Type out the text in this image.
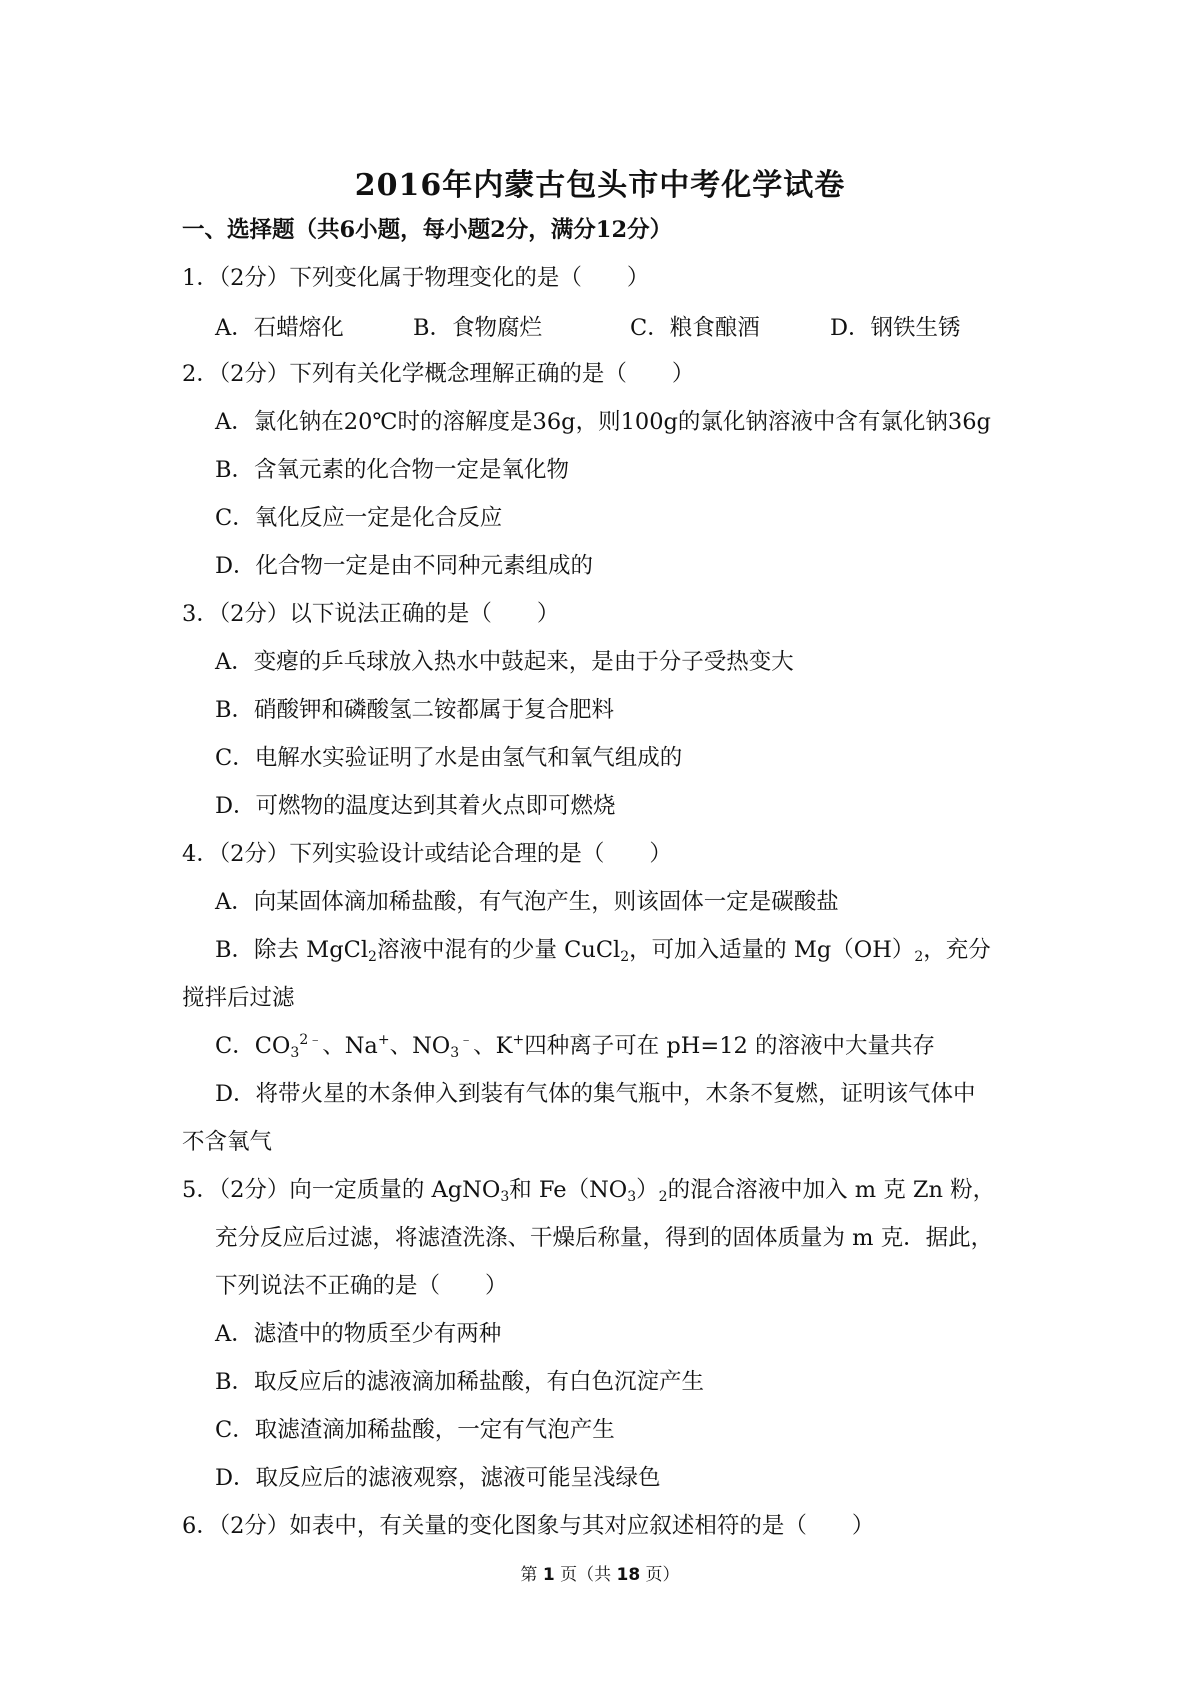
2016年内蒙古包头市中考化学试卷
一、选择题（共6小题，每小题2分，满分12分）
1．（2分）下列变化属于物理变化的是（　　）
A．石蜡熔化	B．食物腐烂	C．粮食酿酒	D．钢铁生锈
2．（2分）下列有关化学概念理解正确的是（　　）
A．氯化钠在20℃时的溶解度是36g，则100g的氯化钠溶液中含有氯化钠36g
B．含氧元素的化合物一定是氧化物
C．氧化反应一定是化合反应
D．化合物一定是由不同种元素组成的
3．（2分）以下说法正确的是（　　）
A．变瘪的乒乓球放入热水中鼓起来，是由于分子受热变大
B．硝酸钾和磷酸氢二铵都属于复合肥料
C．电解水实验证明了水是由氢气和氧气组成的
D．可燃物的温度达到其着火点即可燃烧
4．（2分）下列实验设计或结论合理的是（　　）
A．向某固体滴加稀盐酸，有气泡产生，则该固体一定是碳酸盐
B．除去 MgCl$_2$溶液中混有的少量 CuCl$_2$，可加入适量的 $Mg(OH)_2$，充分
搅拌后过滤
C．$CO_3^{2﹣}$、Na+、$NO_3^﹣$、K+四种离子可在 pH=12 的溶液中大量共存
D．将带火星的木条伸入到装有气体的集气瓶中，木条不复燃，证明该气体中
不含氧气
5．（2分）向一定质量的 AgNO$_3$和 $Fe(NO_3)_2$的混合溶液中加入 m 克 Zn 粉，
充分反应后过滤，将滤渣洗涤、干燥后称量，得到的固体质量为 m 克．据此，
下列说法不正确的是（　　）
A．滤渣中的物质至少有两种
B．取反应后的滤液滴加稀盐酸，有白色沉淀产生
C．取滤渣滴加稀盐酸，一定有气泡产生
D．取反应后的滤液观察，滤液可能呈浅绿色
6．（2分）如表中，有关量的变化图象与其对应叙述相符的是（　　）
第 1 页（共 18 页）
